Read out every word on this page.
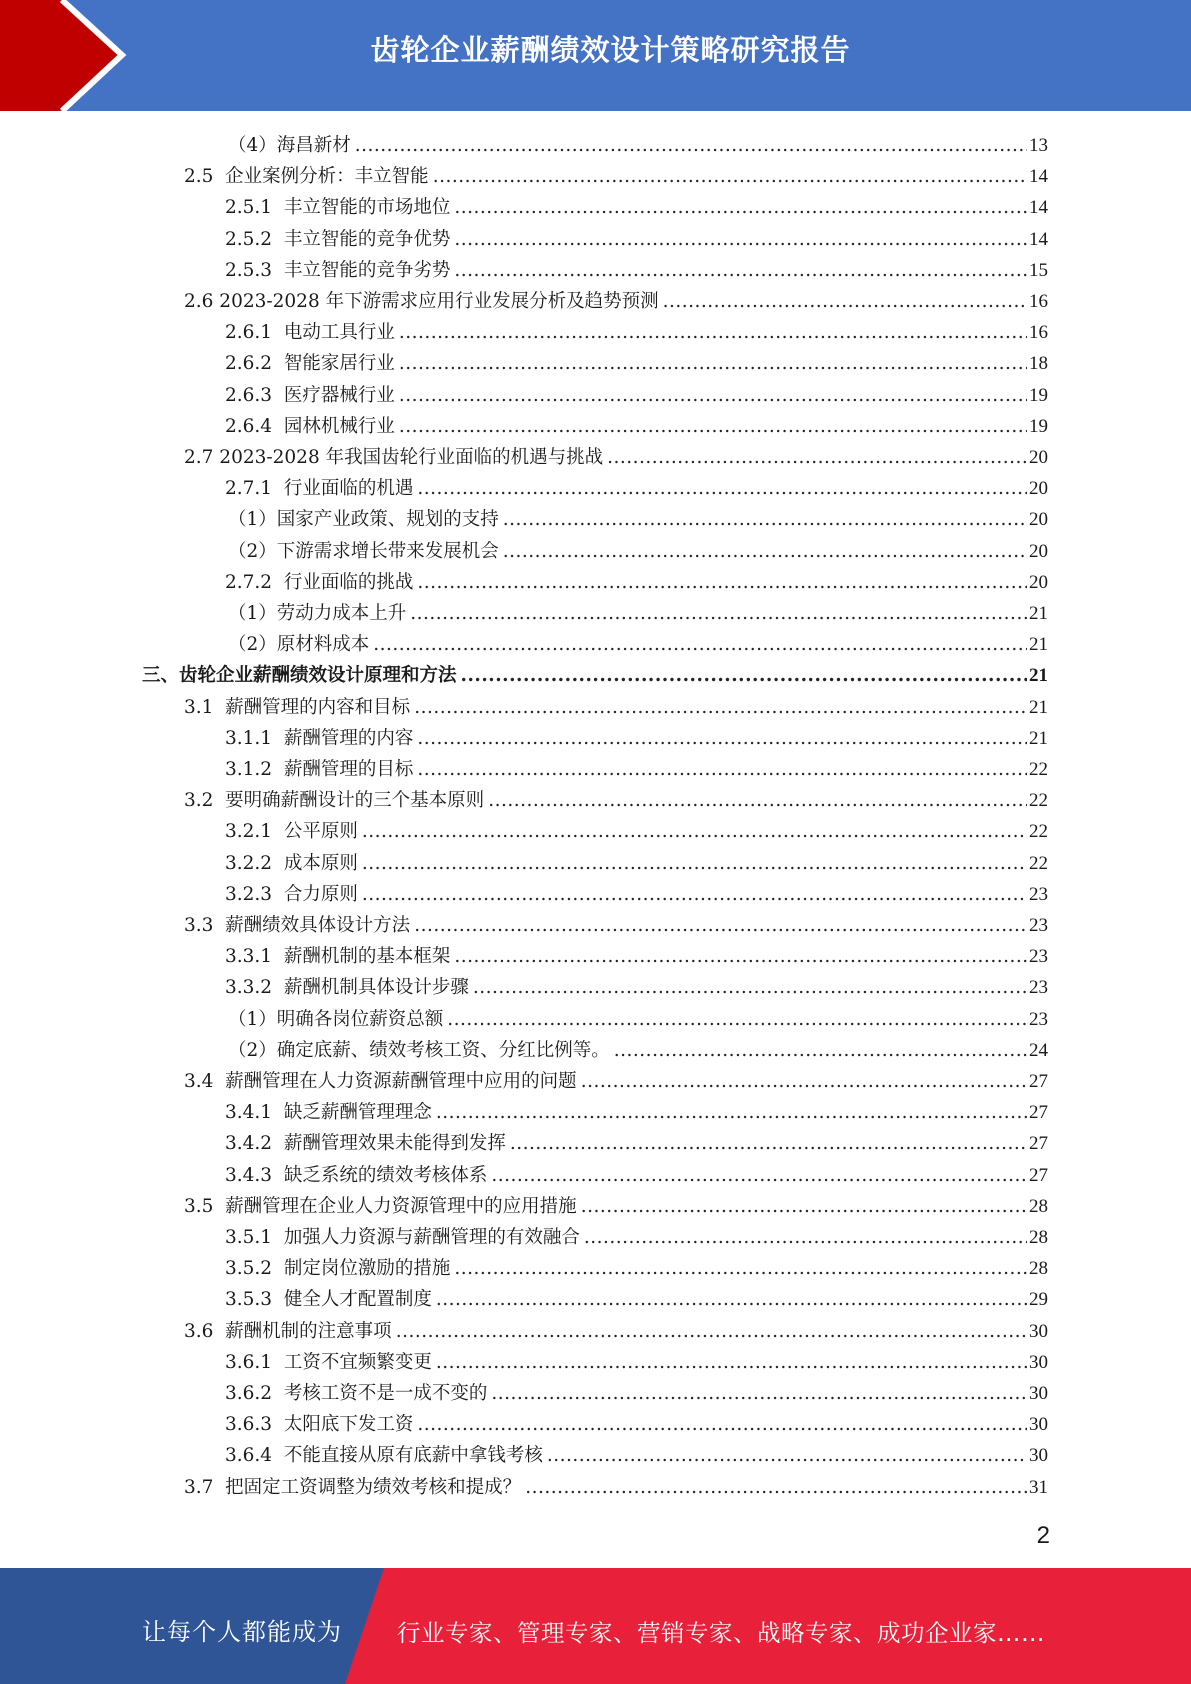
齿轮企业薪酬绩效设计策略研究报告
（4）海昌新材 .....	13
2.5  企业案例分析：丰立智能 .....	14
2.5.1  丰立智能的市场地位 .....	14
2.5.2  丰立智能的竞争优势 .....	14
2.5.3  丰立智能的竞争劣势 .....	15
2.6 2023-2028 年下游需求应用行业发展分析及趋势预测 .....	16
2.6.1  电动工具行业 .....	16
2.6.2  智能家居行业 .....	18
2.6.3  医疗器械行业 .....	19
2.6.4  园林机械行业 .....	19
2.7 2023-2028 年我国齿轮行业面临的机遇与挑战 .....	20
2.7.1  行业面临的机遇 .....	20
（1）国家产业政策、规划的支持 .....	20
（2）下游需求增长带来发展机会 .....	20
2.7.2  行业面临的挑战 .....	20
（1）劳动力成本上升 .....	21
（2）原材料成本 .....	21
三、齿轮企业薪酬绩效设计原理和方法 .....	21
3.1  薪酬管理的内容和目标 .....	21
3.1.1  薪酬管理的内容 .....	21
3.1.2  薪酬管理的目标 .....	22
3.2  要明确薪酬设计的三个基本原则 .....	22
3.2.1  公平原则 .....	22
3.2.2  成本原则 .....	22
3.2.3  合力原则 .....	23
3.3  薪酬绩效具体设计方法 .....	23
3.3.1  薪酬机制的基本框架 .....	23
3.3.2  薪酬机制具体设计步骤 .....	23
（1）明确各岗位薪资总额 .....	23
（2）确定底薪、绩效考核工资、分红比例等。 .....	24
3.4  薪酬管理在人力资源薪酬管理中应用的问题 .....	27
3.4.1  缺乏薪酬管理理念 .....	27
3.4.2  薪酬管理效果未能得到发挥 .....	27
3.4.3  缺乏系统的绩效考核体系 .....	27
3.5  薪酬管理在企业人力资源管理中的应用措施 .....	28
3.5.1  加强人力资源与薪酬管理的有效融合 .....	28
3.5.2  制定岗位激励的措施 .....	28
3.5.3  健全人才配置制度 .....	29
3.6  薪酬机制的注意事项 .....	30
3.6.1  工资不宜频繁变更 .....	30
3.6.2  考核工资不是一成不变的 .....	30
3.6.3  太阳底下发工资 .....	30
3.6.4  不能直接从原有底薪中拿钱考核 .....	30
3.7  把固定工资调整为绩效考核和提成？ .....	31
2
让每个人都能成为 行业专家、管理专家、营销专家、战略专家、成功企业家……
